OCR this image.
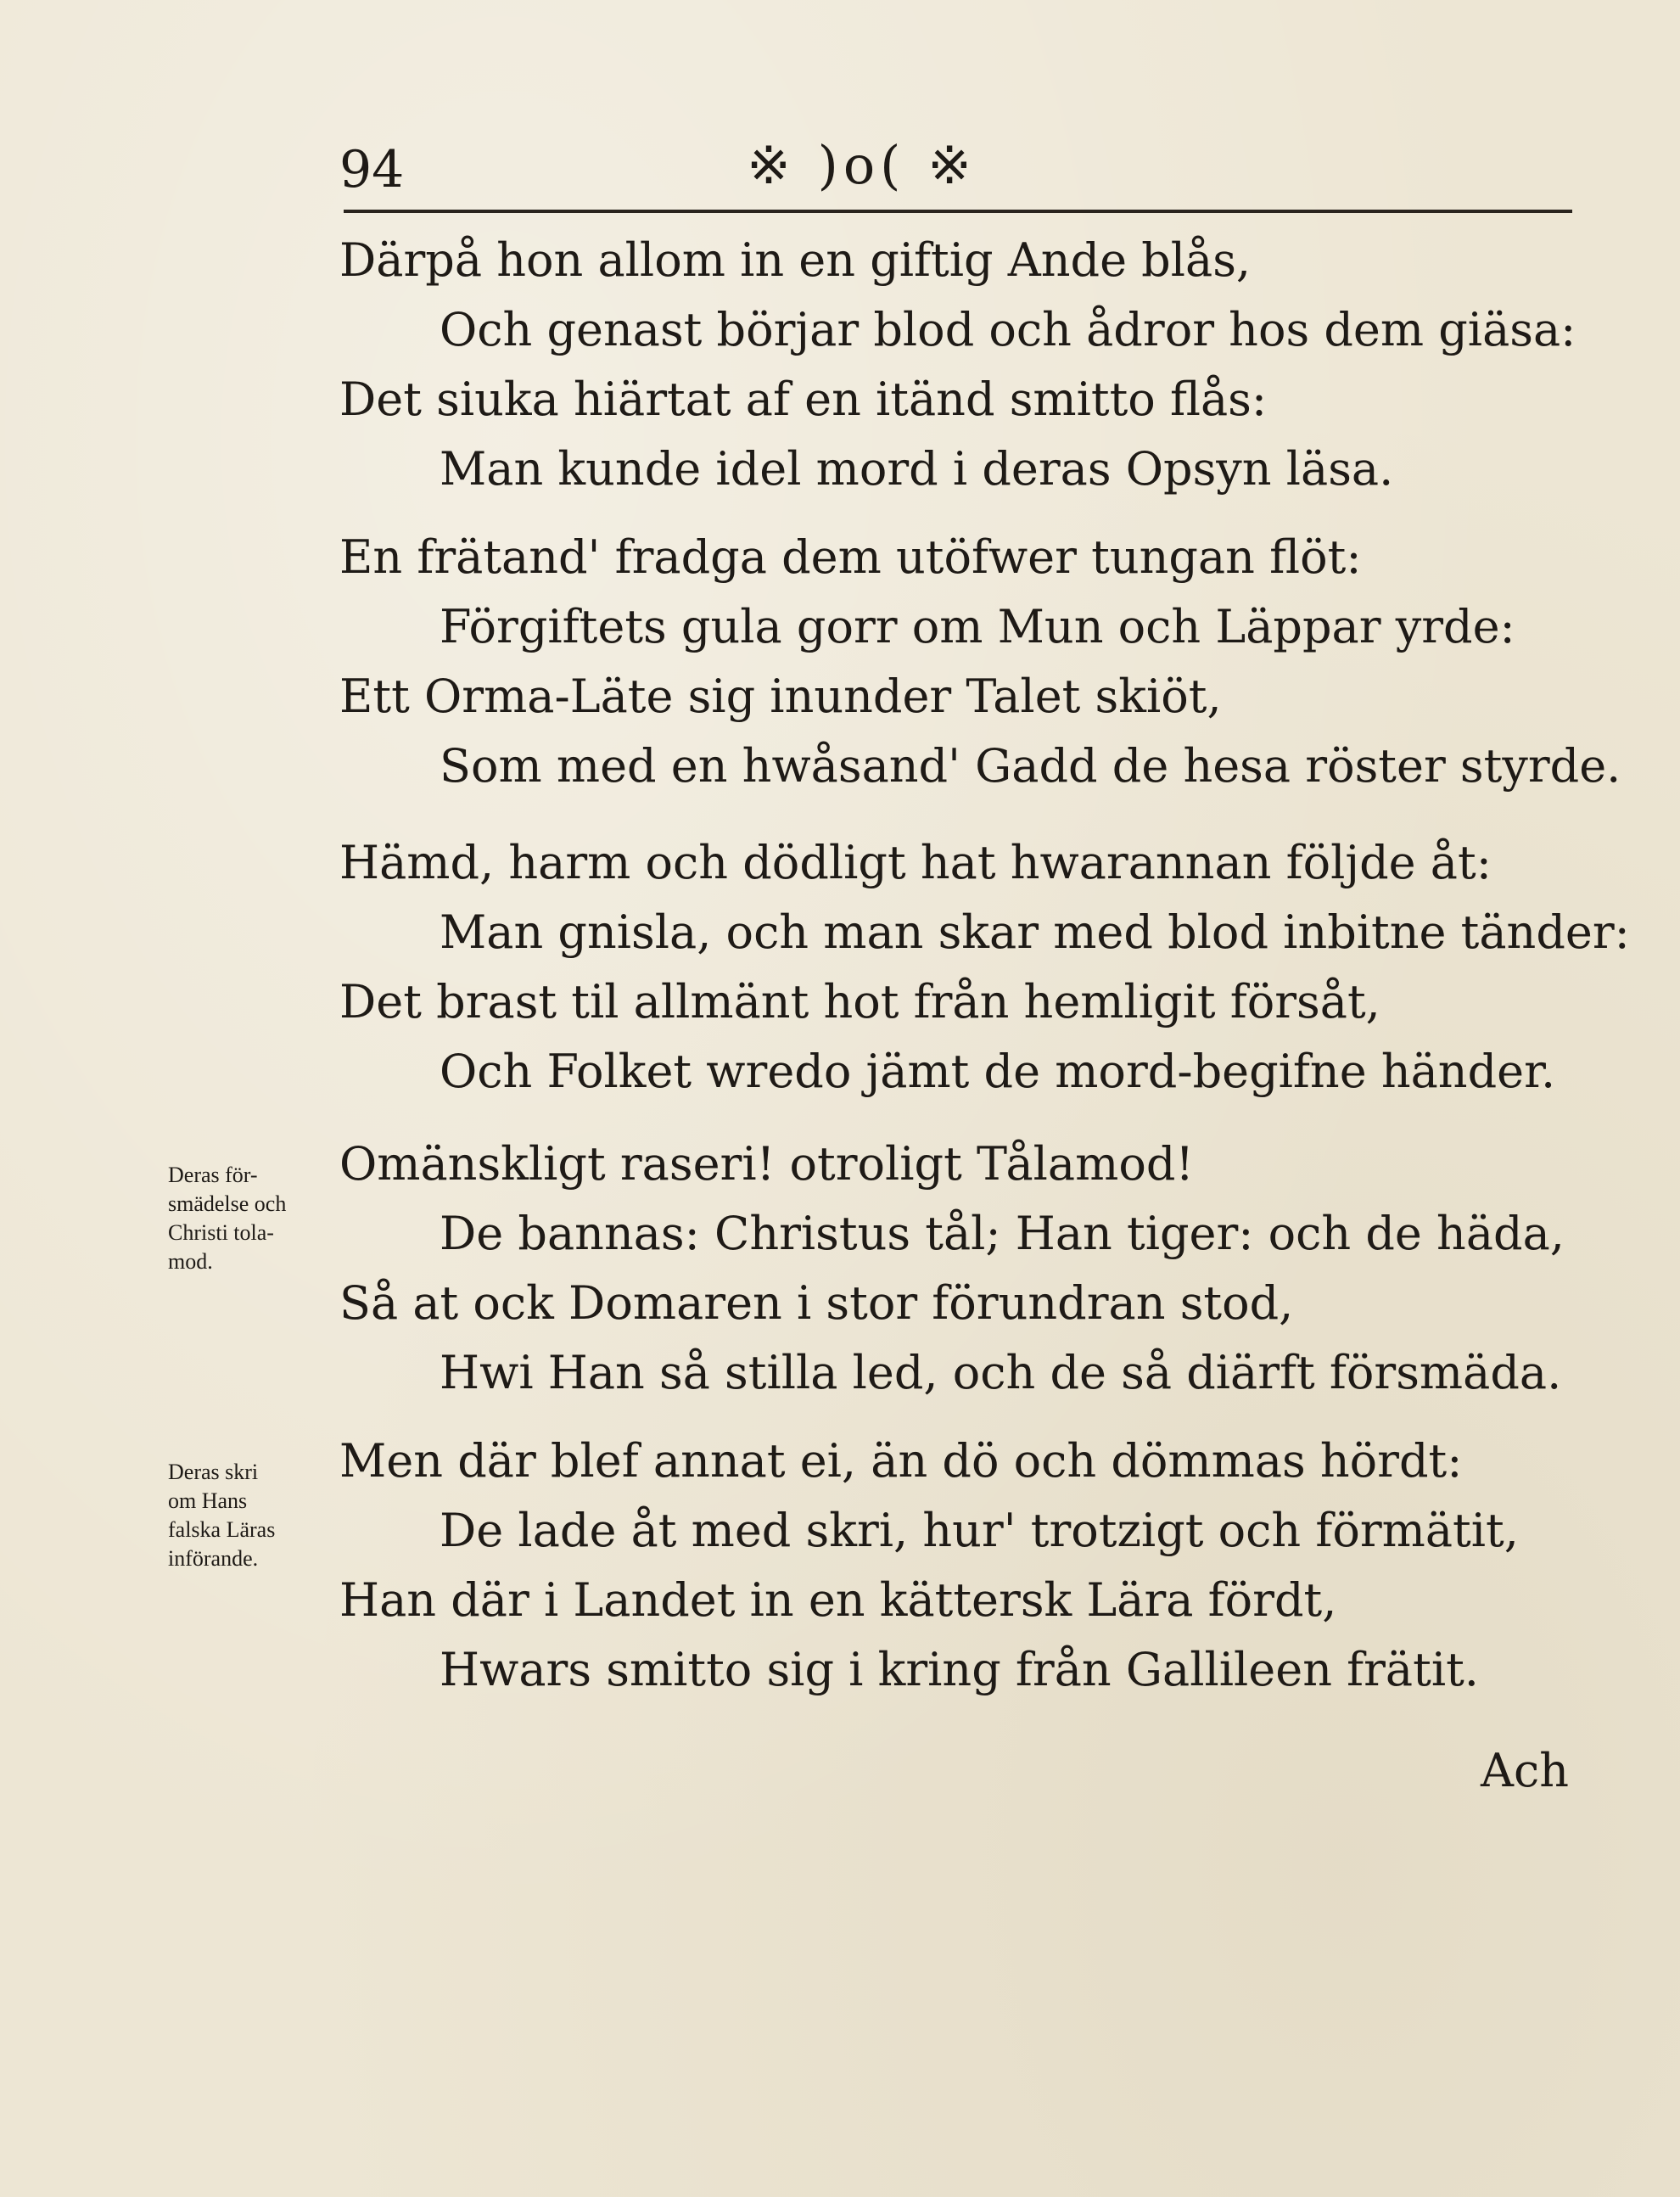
94	※ )o( ※
Därpå hon allom in en giftig Ande blås,
Och genast börjar blod och ådror hos dem giäsa:
Det siuka hiärtat af en itänd smitto flås:
Man kunde idel mord i deras Opsyn läsa.
En frätand' fradga dem utöfwer tungan flöt:
Förgiftets gula gorr om Mun och Läppar yrde:
Ett Orma-Läte sig inunder Talet skiöt,
Som med en hwåsand' Gadd de hesa röster styrde.
Hämd, harm och dödligt hat hwarannan följde åt:
Man gnisla, och man skar med blod inbitne tänder:
Det brast til allmänt hot från hemligit försåt,
Och Folket wredo jämt de mord-begifne händer.
Deras för-
smädelse och
Christi tola-
mod.
Omänskligt raseri! otroligt Tålamod!
De bannas: Christus tål; Han tiger: och de häda,
Så at ock Domaren i stor förundran stod,
Hwi Han så stilla led, och de så diärft försmäda.
Deras skri
om Hans
falska Läras
införande.
Men där blef annat ei, än dö och dömmas hördt:
De lade åt med skri, hur' trotzigt och förmätit,
Han där i Landet in en kättersk Lära fördt,
Hwars smitto sig i kring från Gallileen frätit.
Ach
